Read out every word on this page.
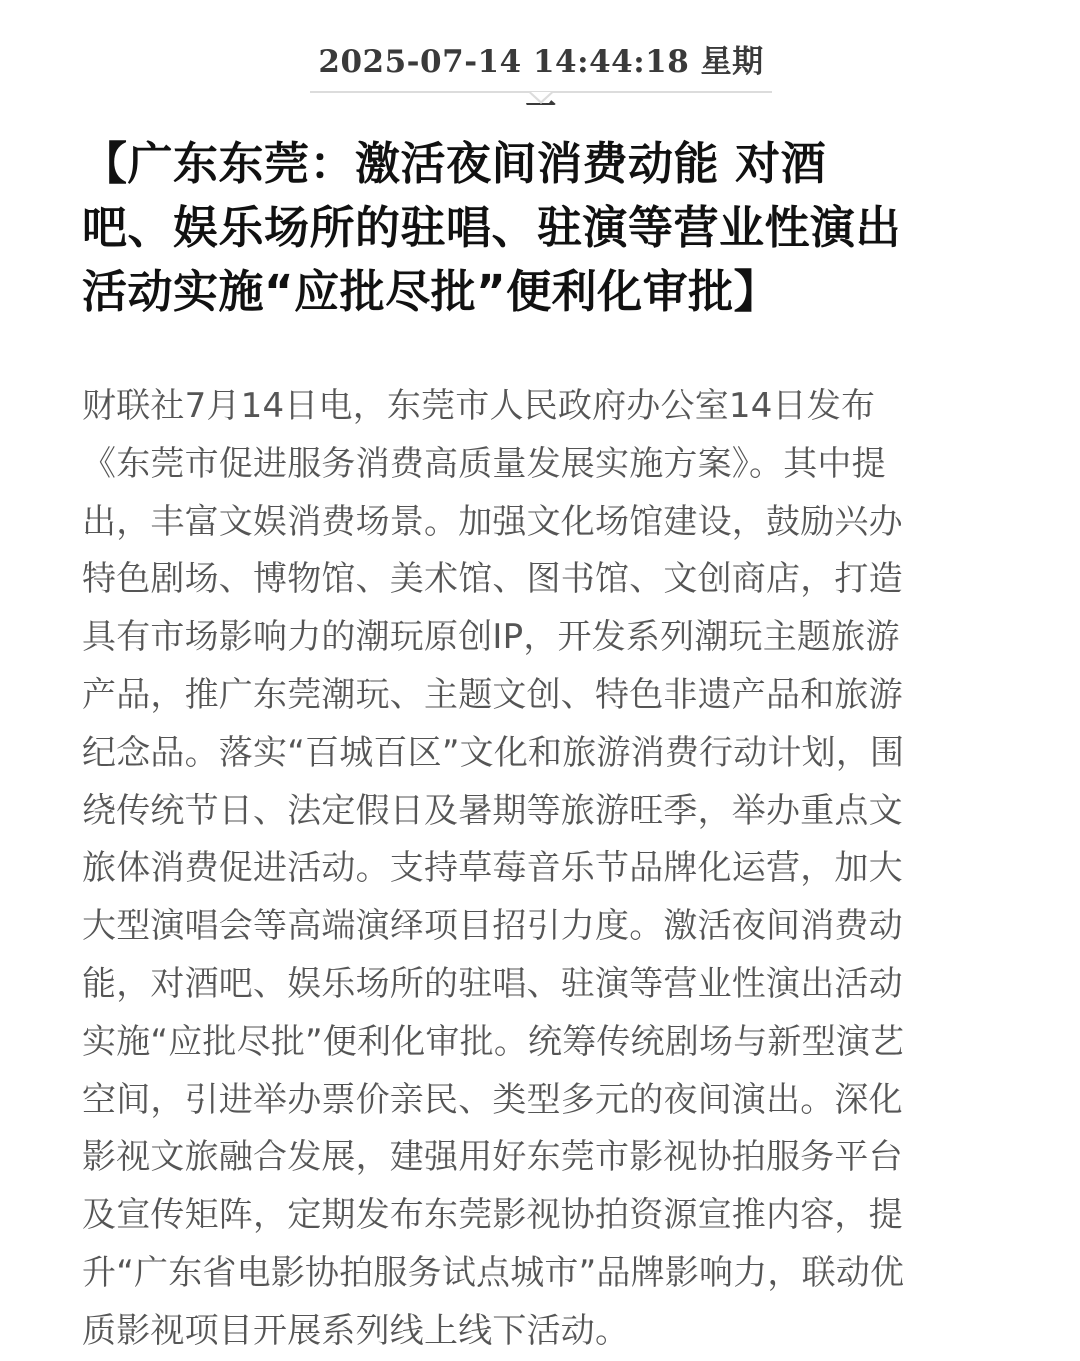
2025-07-14 14:44:18 星期一
【广东东莞：激活夜间消费动能 对酒
吧、娱乐场所的驻唱、驻演等营业性演出
活动实施“应批尽批”便利化审批】
财联社7月14日电，东莞市人民政府办公室14日发布
《东莞市促进服务消费高质量发展实施方案》。其中提
出，丰富文娱消费场景。加强文化场馆建设，鼓励兴办
特色剧场、博物馆、美术馆、图书馆、文创商店，打造
具有市场影响力的潮玩原创IP，开发系列潮玩主题旅游
产品，推广东莞潮玩、主题文创、特色非遗产品和旅游
纪念品。落实“百城百区”文化和旅游消费行动计划，围
绕传统节日、法定假日及暑期等旅游旺季，举办重点文
旅体消费促进活动。支持草莓音乐节品牌化运营，加大
大型演唱会等高端演绎项目招引力度。激活夜间消费动
能，对酒吧、娱乐场所的驻唱、驻演等营业性演出活动
实施“应批尽批”便利化审批。统筹传统剧场与新型演艺
空间，引进举办票价亲民、类型多元的夜间演出。深化
影视文旅融合发展，建强用好东莞市影视协拍服务平台
及宣传矩阵，定期发布东莞影视协拍资源宣推内容，提
升“广东省电影协拍服务试点城市”品牌影响力，联动优
质影视项目开展系列线上线下活动。
